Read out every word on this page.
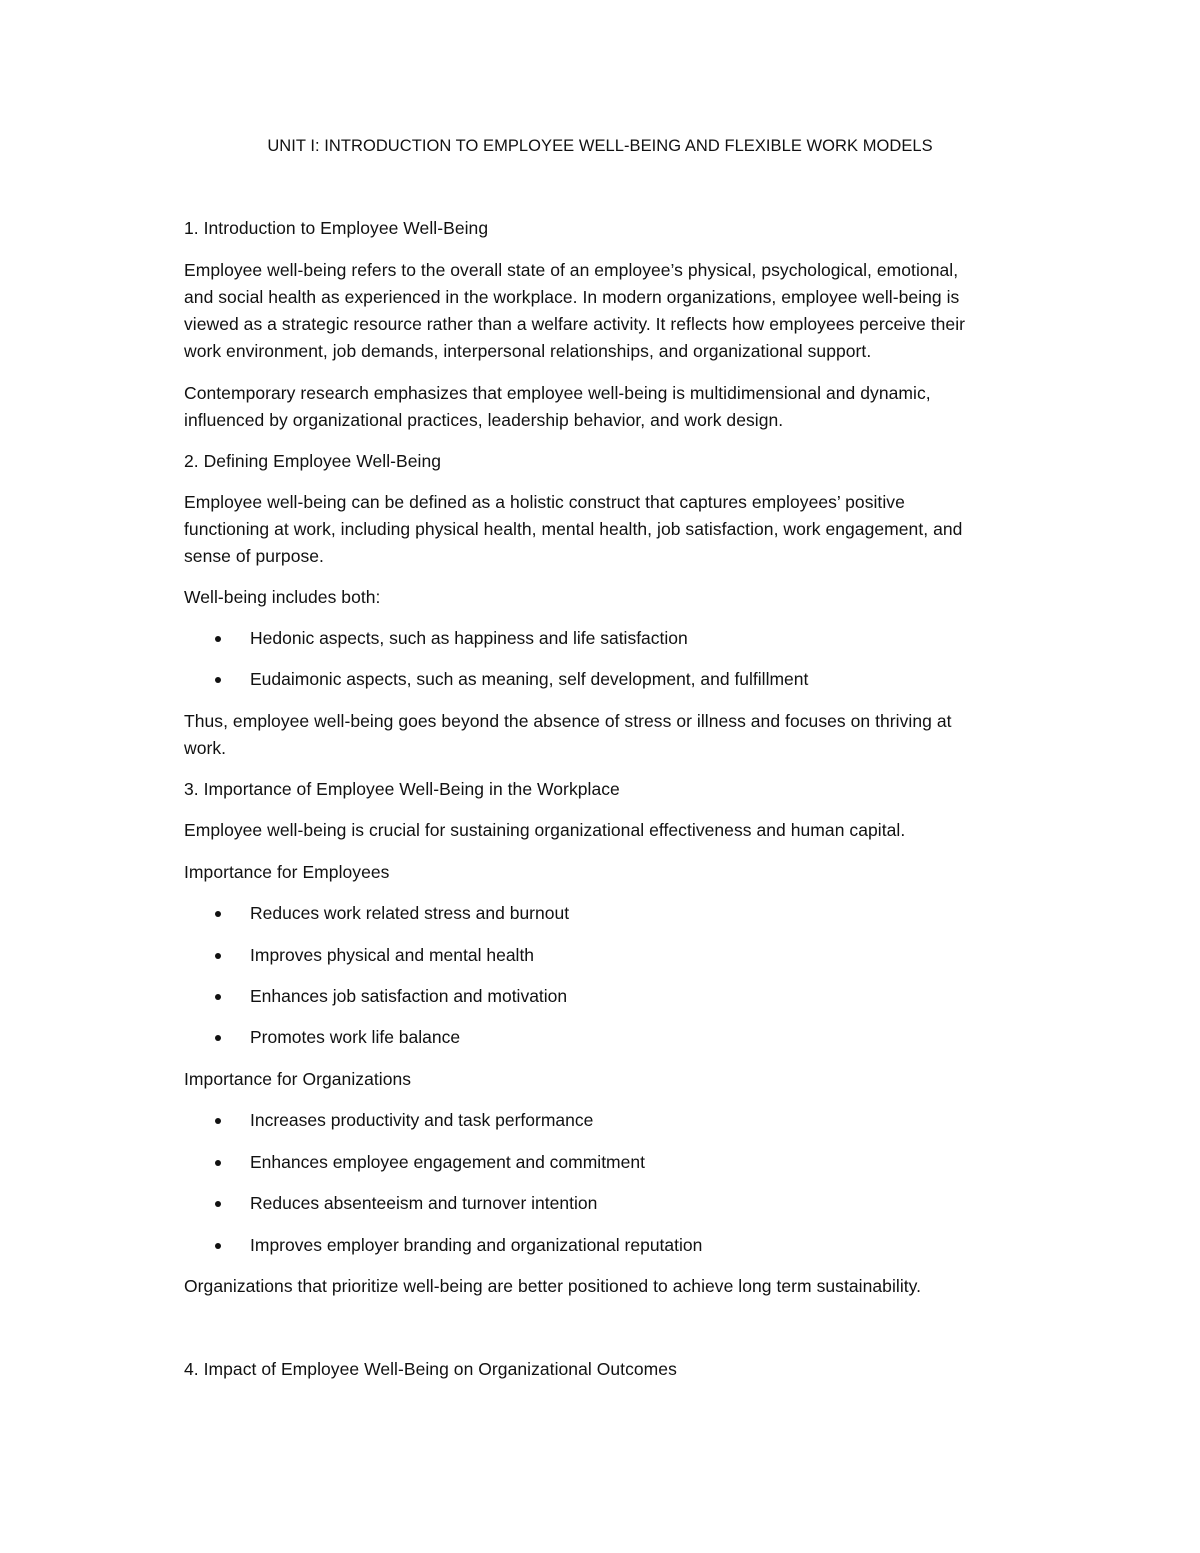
UNIT I: INTRODUCTION TO EMPLOYEE WELL-BEING AND FLEXIBLE WORK MODELS
1. Introduction to Employee Well-Being
Employee well-being refers to the overall state of an employee’s physical, psychological, emotional,
and social health as experienced in the workplace. In modern organizations, employee well-being is
viewed as a strategic resource rather than a welfare activity. It reflects how employees perceive their
work environment, job demands, interpersonal relationships, and organizational support.
Contemporary research emphasizes that employee well-being is multidimensional and dynamic,
influenced by organizational practices, leadership behavior, and work design.
2. Defining Employee Well-Being
Employee well-being can be defined as a holistic construct that captures employees’ positive
functioning at work, including physical health, mental health, job satisfaction, work engagement, and
sense of purpose.
Well-being includes both:
Hedonic aspects, such as happiness and life satisfaction
Eudaimonic aspects, such as meaning, self development, and fulfillment
Thus, employee well-being goes beyond the absence of stress or illness and focuses on thriving at
work.
3. Importance of Employee Well-Being in the Workplace
Employee well-being is crucial for sustaining organizational effectiveness and human capital.
Importance for Employees
Reduces work related stress and burnout
Improves physical and mental health
Enhances job satisfaction and motivation
Promotes work life balance
Importance for Organizations
Increases productivity and task performance
Enhances employee engagement and commitment
Reduces absenteeism and turnover intention
Improves employer branding and organizational reputation
Organizations that prioritize well-being are better positioned to achieve long term sustainability.
4. Impact of Employee Well-Being on Organizational Outcomes
